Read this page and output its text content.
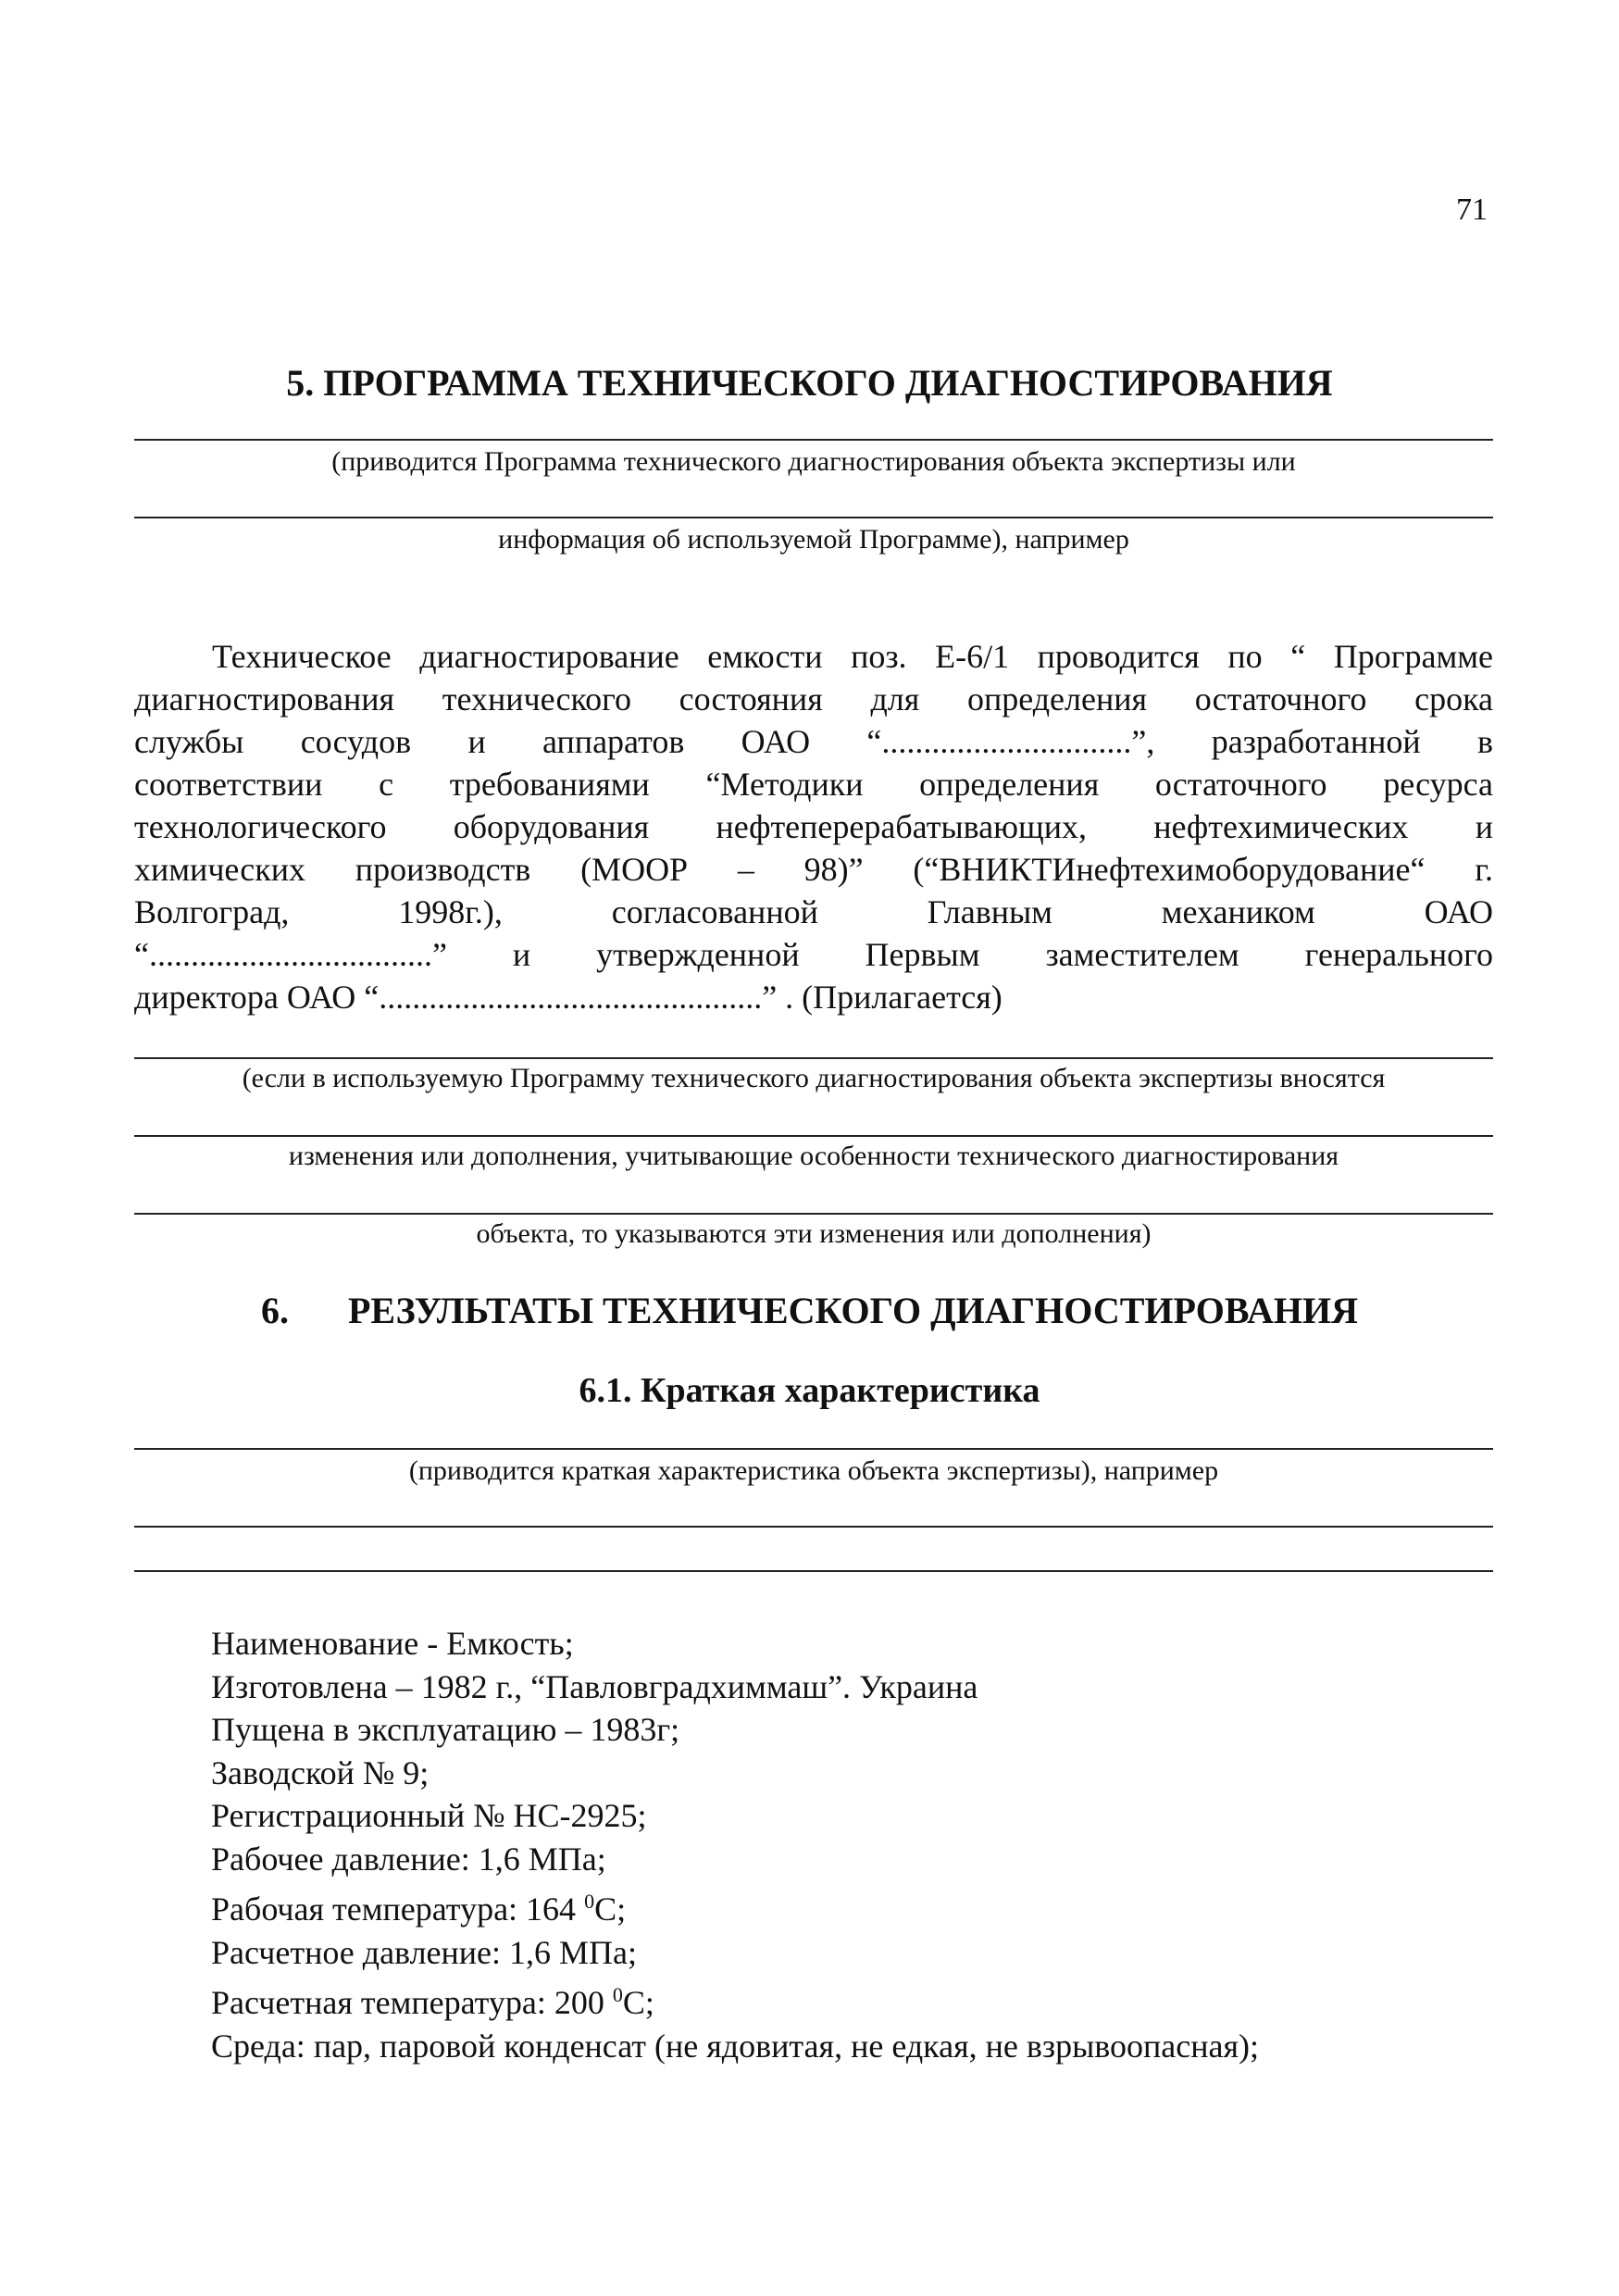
71
5. ПРОГРАММА ТЕХНИЧЕСКОГО ДИАГНОСТИРОВАНИЯ
(приводится Программа технического диагностирования объекта экспертизы или
информация об используемой Программе), например
Техническое диагностирование емкости поз. Е-6/1 проводится по “ Программе
диагностирования технического состояния для определения остаточного срока
службы сосудов и аппаратов ОАО “..............................”, разработанной в
соответствии с требованиями “Методики определения остаточного ресурса
технологического оборудования нефтеперерабатывающих, нефтехимических и
химических производств (МООР – 98)” (“ВНИКТИнефтехимоборудование“ г.
Волгоград, 1998г.), согласованной Главным механиком ОАО
“..................................” и утвержденной Первым заместителем генерального
директора ОАО “..............................................” . (Прилагается)
(если в используемую Программу технического диагностирования объекта экспертизы вносятся
изменения или дополнения, учитывающие особенности технического диагностирования
объекта, то указываются эти изменения или дополнения)
6. РЕЗУЛЬТАТЫ ТЕХНИЧЕСКОГО ДИАГНОСТИРОВАНИЯ
6.1. Краткая характеристика
(приводится краткая характеристика объекта экспертизы), например
Наименование - Емкость;
Изготовлена – 1982 г., “Павловградхиммаш”. Украина
Пущена в эксплуатацию – 1983г;
Заводской № 9;
Регистрационный № НС-2925;
Рабочее давление: 1,6 МПа;
Рабочая температура: 164 $^0$С;
Расчетное давление: 1,6 МПа;
Расчетная температура: 200 $^0$С;
Среда: пар, паровой конденсат (не ядовитая, не едкая, не взрывоопасная);
